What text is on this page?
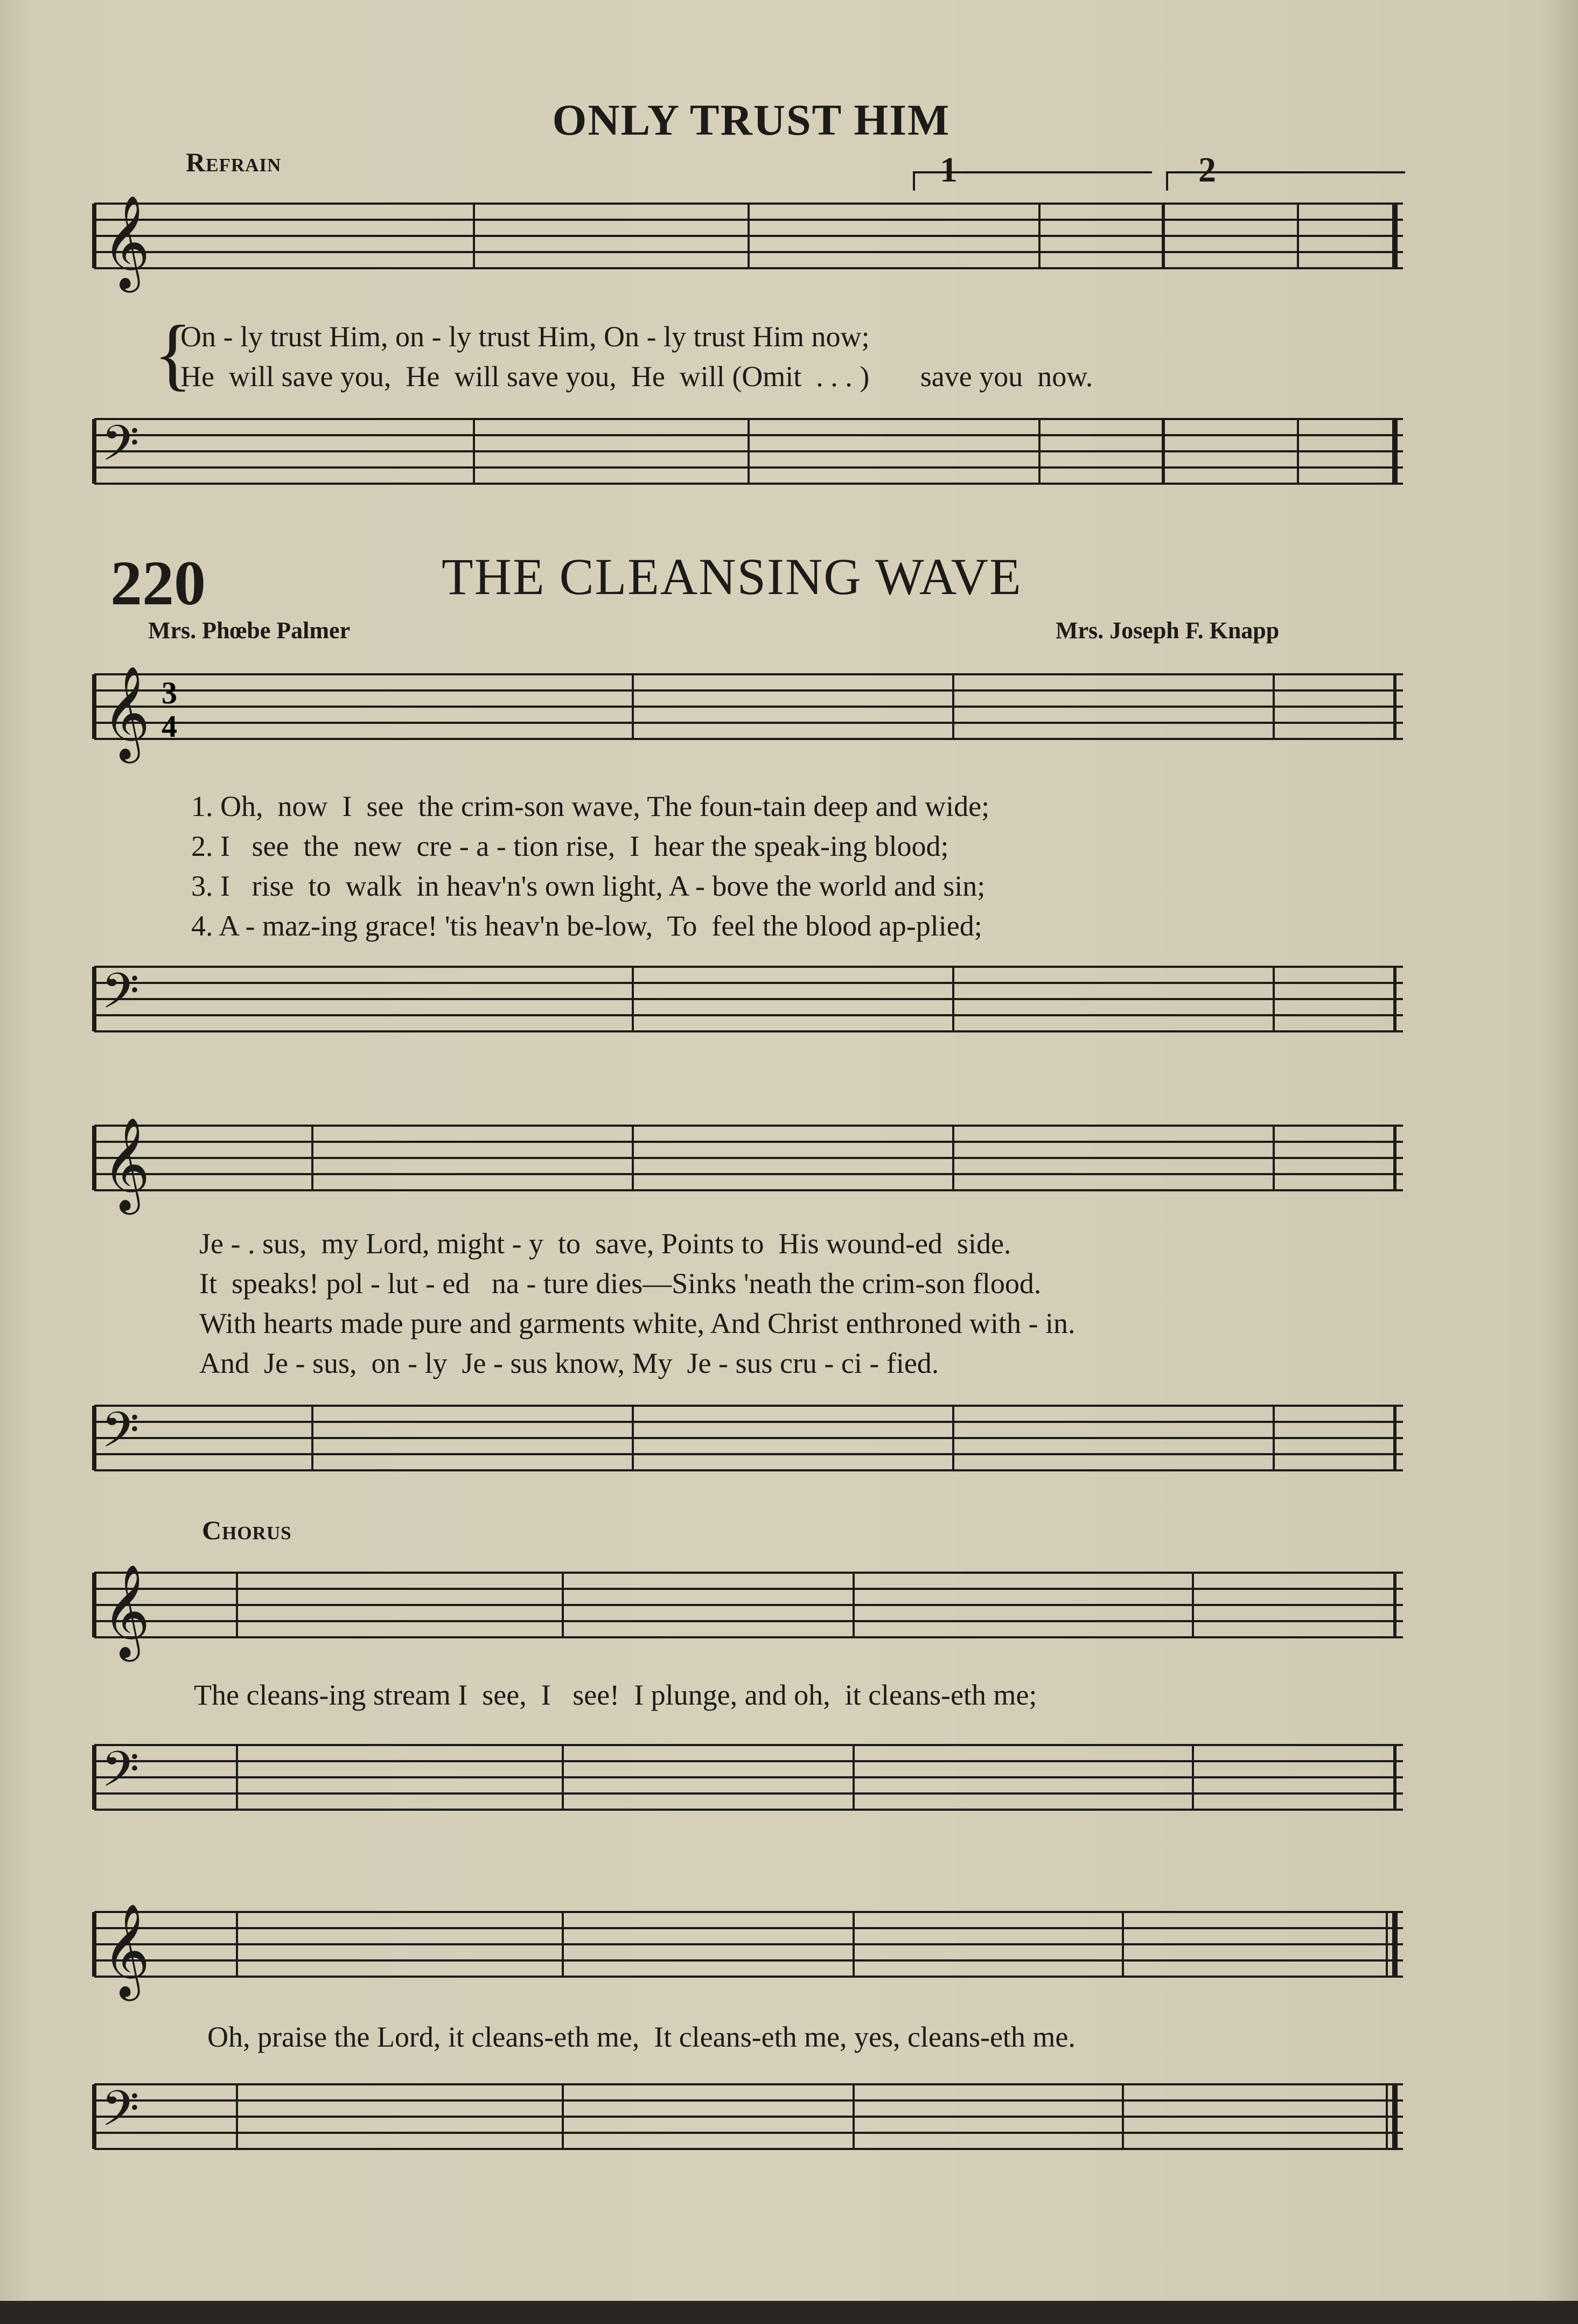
ONLY TRUST HIM
Refrain	1	2
𝄞
{
On - ly trust Him, on - ly trust Him, On - ly trust Him now;
He  will save you,  He  will save you,  He  will (Omit  . . . )       save you  now.
𝄢
220	THE CLEANSING WAVE
Mrs. Phœbe Palmer	Mrs. Joseph F. Knapp
𝄞 3
4
1. Oh,  now  I  see  the crim-son wave, The foun-tain deep and wide;
2. I   see  the  new  cre - a - tion rise,  I  hear the speak-ing blood;
3. I   rise  to  walk  in heav'n's own light, A - bove the world and sin;
4. A - maz-ing grace! 'tis heav'n be-low,  To  feel the blood ap-plied;
𝄢
𝄞
Je - . sus,  my Lord, might - y  to  save, Points to  His wound-ed  side.
It  speaks! pol - lut - ed   na - ture dies—Sinks 'neath the crim-son flood.
With hearts made pure and garments white, And Christ enthroned with - in.
And  Je - sus,  on - ly  Je - sus know, My  Je - sus cru - ci - fied.
𝄢
Chorus
𝄞
The cleans-ing stream I  see,  I   see!  I plunge, and oh,  it cleans-eth me;
𝄢
𝄞
Oh, praise the Lord, it cleans-eth me,  It cleans-eth me, yes, cleans-eth me.
𝄢
